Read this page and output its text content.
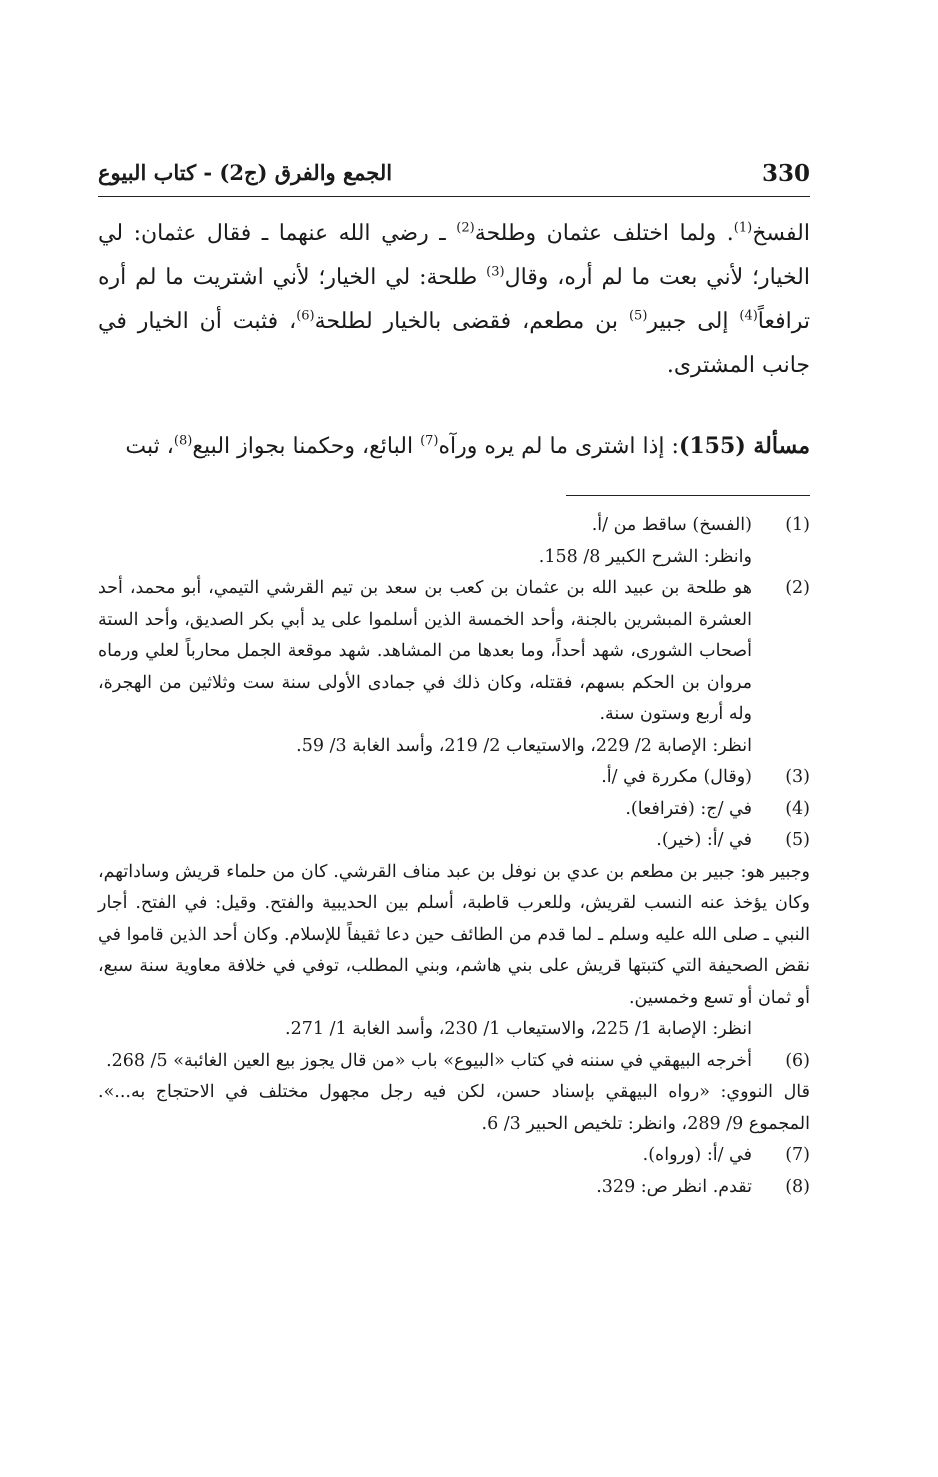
330
الجمع والفرق (ج2) - كتاب البيوع

الفسخ$^{(1)}$. ولما اختلف عثمان وطلحة$^{(2)}$ ـ رضي الله عنهما ـ فقال عثمان: لي الخيار؛ لأني بعت ما لم أره، وقال$^{(3)}$ طلحة: لي الخيار؛ لأني اشتريت ما لم أره ترافعاً$^{(4)}$ إلى جبير$^{(5)}$ بن مطعم، فقضى بالخيار لطلحة$^{(6)}$، فثبت أن الخيار في جانب المشترى.

مسألة (155): إذا اشترى ما لم يره ورآه$^{(7)}$ البائع، وحكمنا بجواز البيع$^{(8)}$، ثبت
(1)

(الفسخ) ساقط من /أ.

وانظر: الشرح الكبير 8/ 158.

(2)

هو طلحة بن عبيد الله بن عثمان بن كعب بن سعد بن تيم القرشي التيمي، أبو محمد، أحد العشرة المبشرين بالجنة، وأحد الخمسة الذين أسلموا على يد أبي بكر الصديق، وأحد الستة أصحاب الشورى، شهد أحداً، وما بعدها من المشاهد. شهد موقعة الجمل محارباً لعلي ورماه مروان بن الحكم بسهم، فقتله، وكان ذلك في جمادى الأولى سنة ست وثلاثين من الهجرة، وله أربع وستون سنة.

انظر: الإصابة 2/ 229، والاستيعاب 2/ 219، وأسد الغابة 3/ 59.

(3)

(وقال) مكررة في /أ.

(4)

في /ج: (فترافعا).

(5)

في /أ: (خير).

وجبير هو: جبير بن مطعم بن عدي بن نوفل بن عبد مناف القرشي. كان من حلماء قريش وساداتهم، وكان يؤخذ عنه النسب لقريش، وللعرب قاطبة، أسلم بين الحديبية والفتح. وقيل: في الفتح. أجار النبي ـ صلى الله عليه وسلم ـ لما قدم من الطائف حين دعا ثقيفاً للإسلام. وكان أحد الذين قاموا في نقض الصحيفة التي كتبتها قريش على بني هاشم، وبني المطلب، توفي في خلافة معاوية سنة سبع، أو ثمان أو تسع وخمسين.

انظر: الإصابة 1/ 225، والاستيعاب 1/ 230، وأسد الغابة 1/ 271.

(6)

أخرجه البيهقي في سننه في كتاب «البيوع» باب «من قال يجوز بيع العين الغائبة» 5/ 268.

قال النووي: «رواه البيهقي بإسناد حسن، لكن فيه رجل مجهول مختلف في الاحتجاج به...». المجموع 9/ 289، وانظر: تلخيص الحبير 3/ 6.

(7)

في /أ: (ورواه).

(8)

تقدم. انظر ص: 329.
